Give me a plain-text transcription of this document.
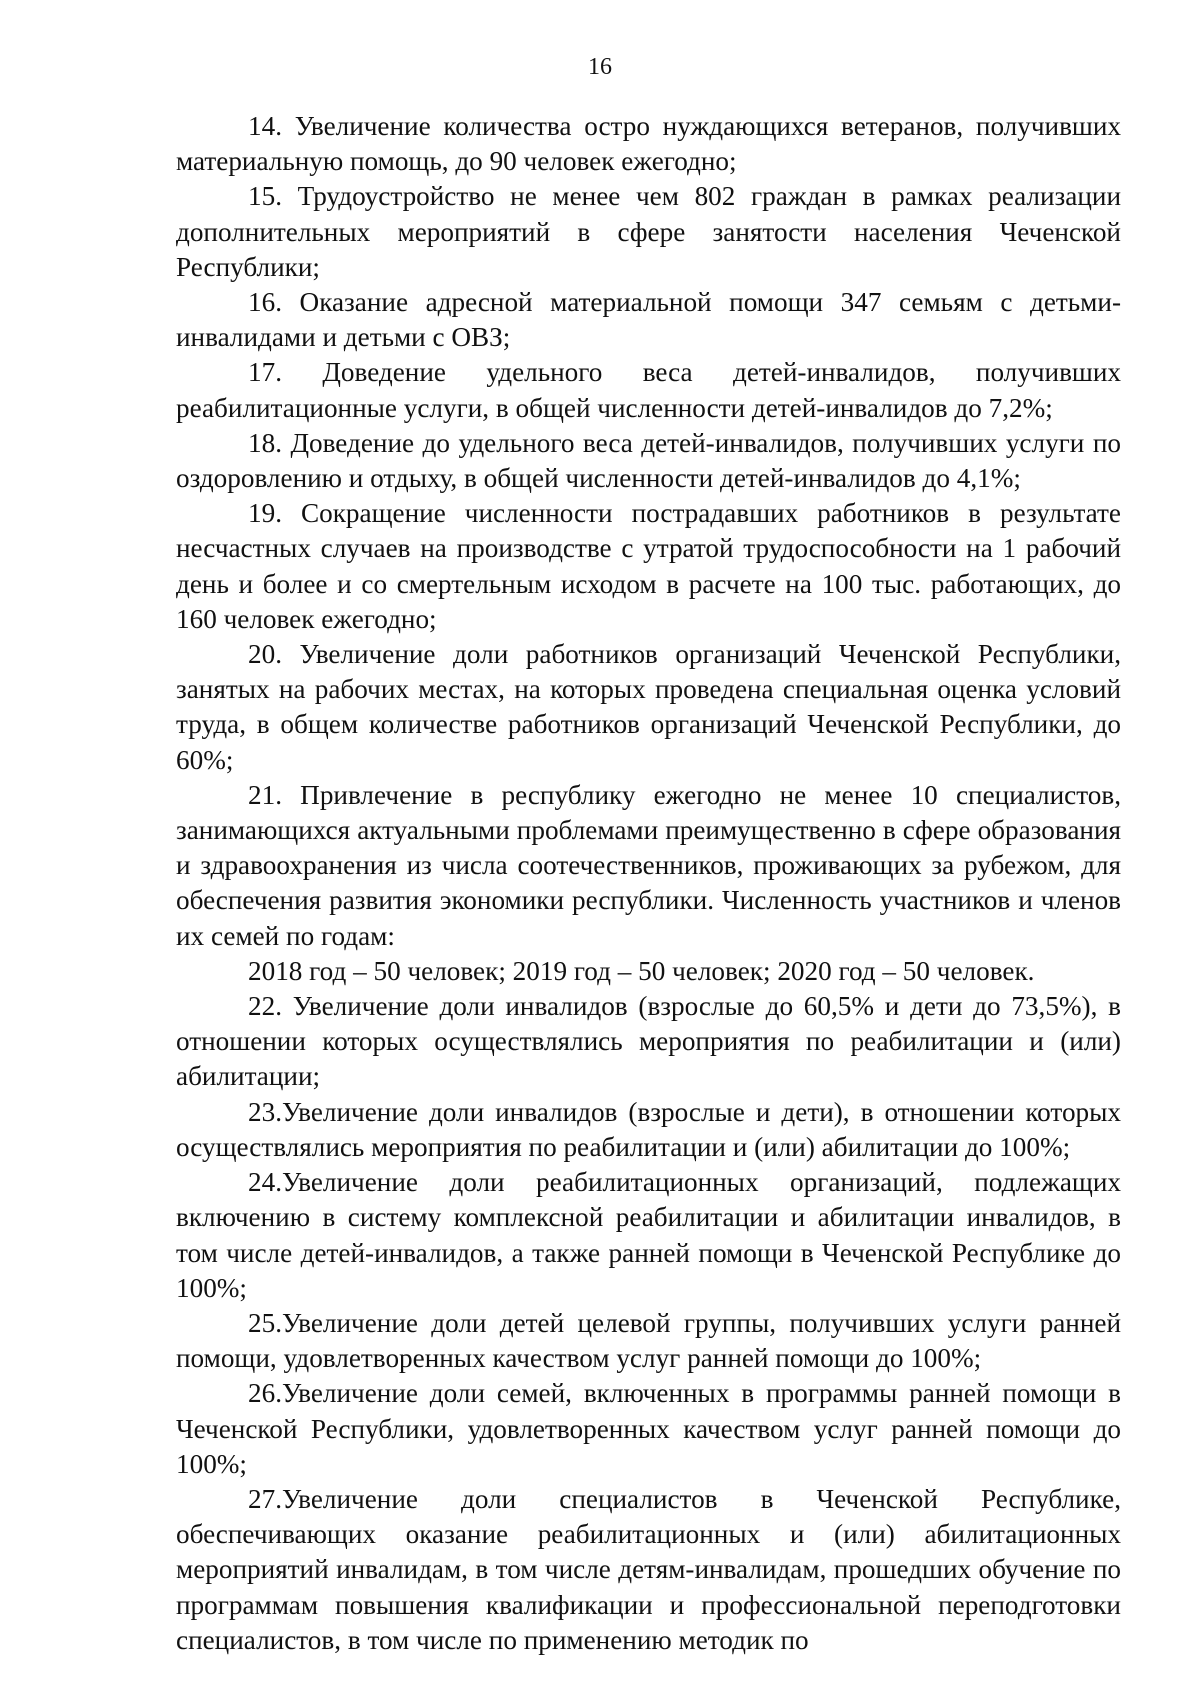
16

14. Увеличение количества остро нуждающихся ветеранов, получивших материальную помощь, до 90 человек ежегодно;

15. Трудоустройство не менее чем 802 граждан в рамках реализации дополнительных мероприятий в сфере занятости населения Чеченской Республики;

16. Оказание адресной материальной помощи 347 семьям с детьми-инвалидами и детьми с ОВЗ;

17. Доведение удельного веса детей-инвалидов, получивших реабилитационные услуги, в общей численности детей-инвалидов до 7,2%;

18. Доведение до удельного веса детей-инвалидов, получивших услуги по оздоровлению и отдыху, в общей численности детей-инвалидов до 4,1%;

19. Сокращение численности пострадавших работников в результате несчастных случаев на производстве с утратой трудоспособности на 1 рабочий день и более и со смертельным исходом в расчете на 100 тыс. работающих, до 160 человек ежегодно;

20. Увеличение доли работников организаций Чеченской Республики, занятых на рабочих местах, на которых проведена специальная оценка условий труда, в общем количестве работников организаций Чеченской Республики, до 60%;

21. Привлечение в республику ежегодно не менее 10 специалистов, занимающихся актуальными проблемами преимущественно в сфере образования и здравоохранения из числа соотечественников, проживающих за рубежом, для обеспечения развития экономики республики. Численность участников и членов их семей по годам:

2018 год – 50 человек; 2019 год – 50 человек; 2020 год – 50 человек.

22. Увеличение доли инвалидов (взрослые до 60,5% и дети до 73,5%), в отношении которых осуществлялись мероприятия по реабилитации и (или) абилитации;

23.Увеличение доли инвалидов (взрослые и дети), в отношении которых осуществлялись мероприятия по реабилитации и (или) абилитации до 100%;

24.Увеличение доли реабилитационных организаций, подлежащих включению в систему комплексной реабилитации и абилитации инвалидов, в том числе детей-инвалидов, а также ранней помощи в Чеченской Республике до 100%;

25.Увеличение доли детей целевой группы, получивших услуги ранней помощи, удовлетворенных качеством услуг ранней помощи до 100%;

26.Увеличение доли семей, включенных в программы ранней помощи в Чеченской Республики, удовлетворенных качеством услуг ранней помощи до 100%;

27.Увеличение доли специалистов в Чеченской Республике, обеспечивающих оказание реабилитационных и (или) абилитационных мероприятий инвалидам, в том числе детям-инвалидам, прошедших обучение по программам повышения квалификации и профессиональной переподготовки специалистов, в том числе по применению методик по
